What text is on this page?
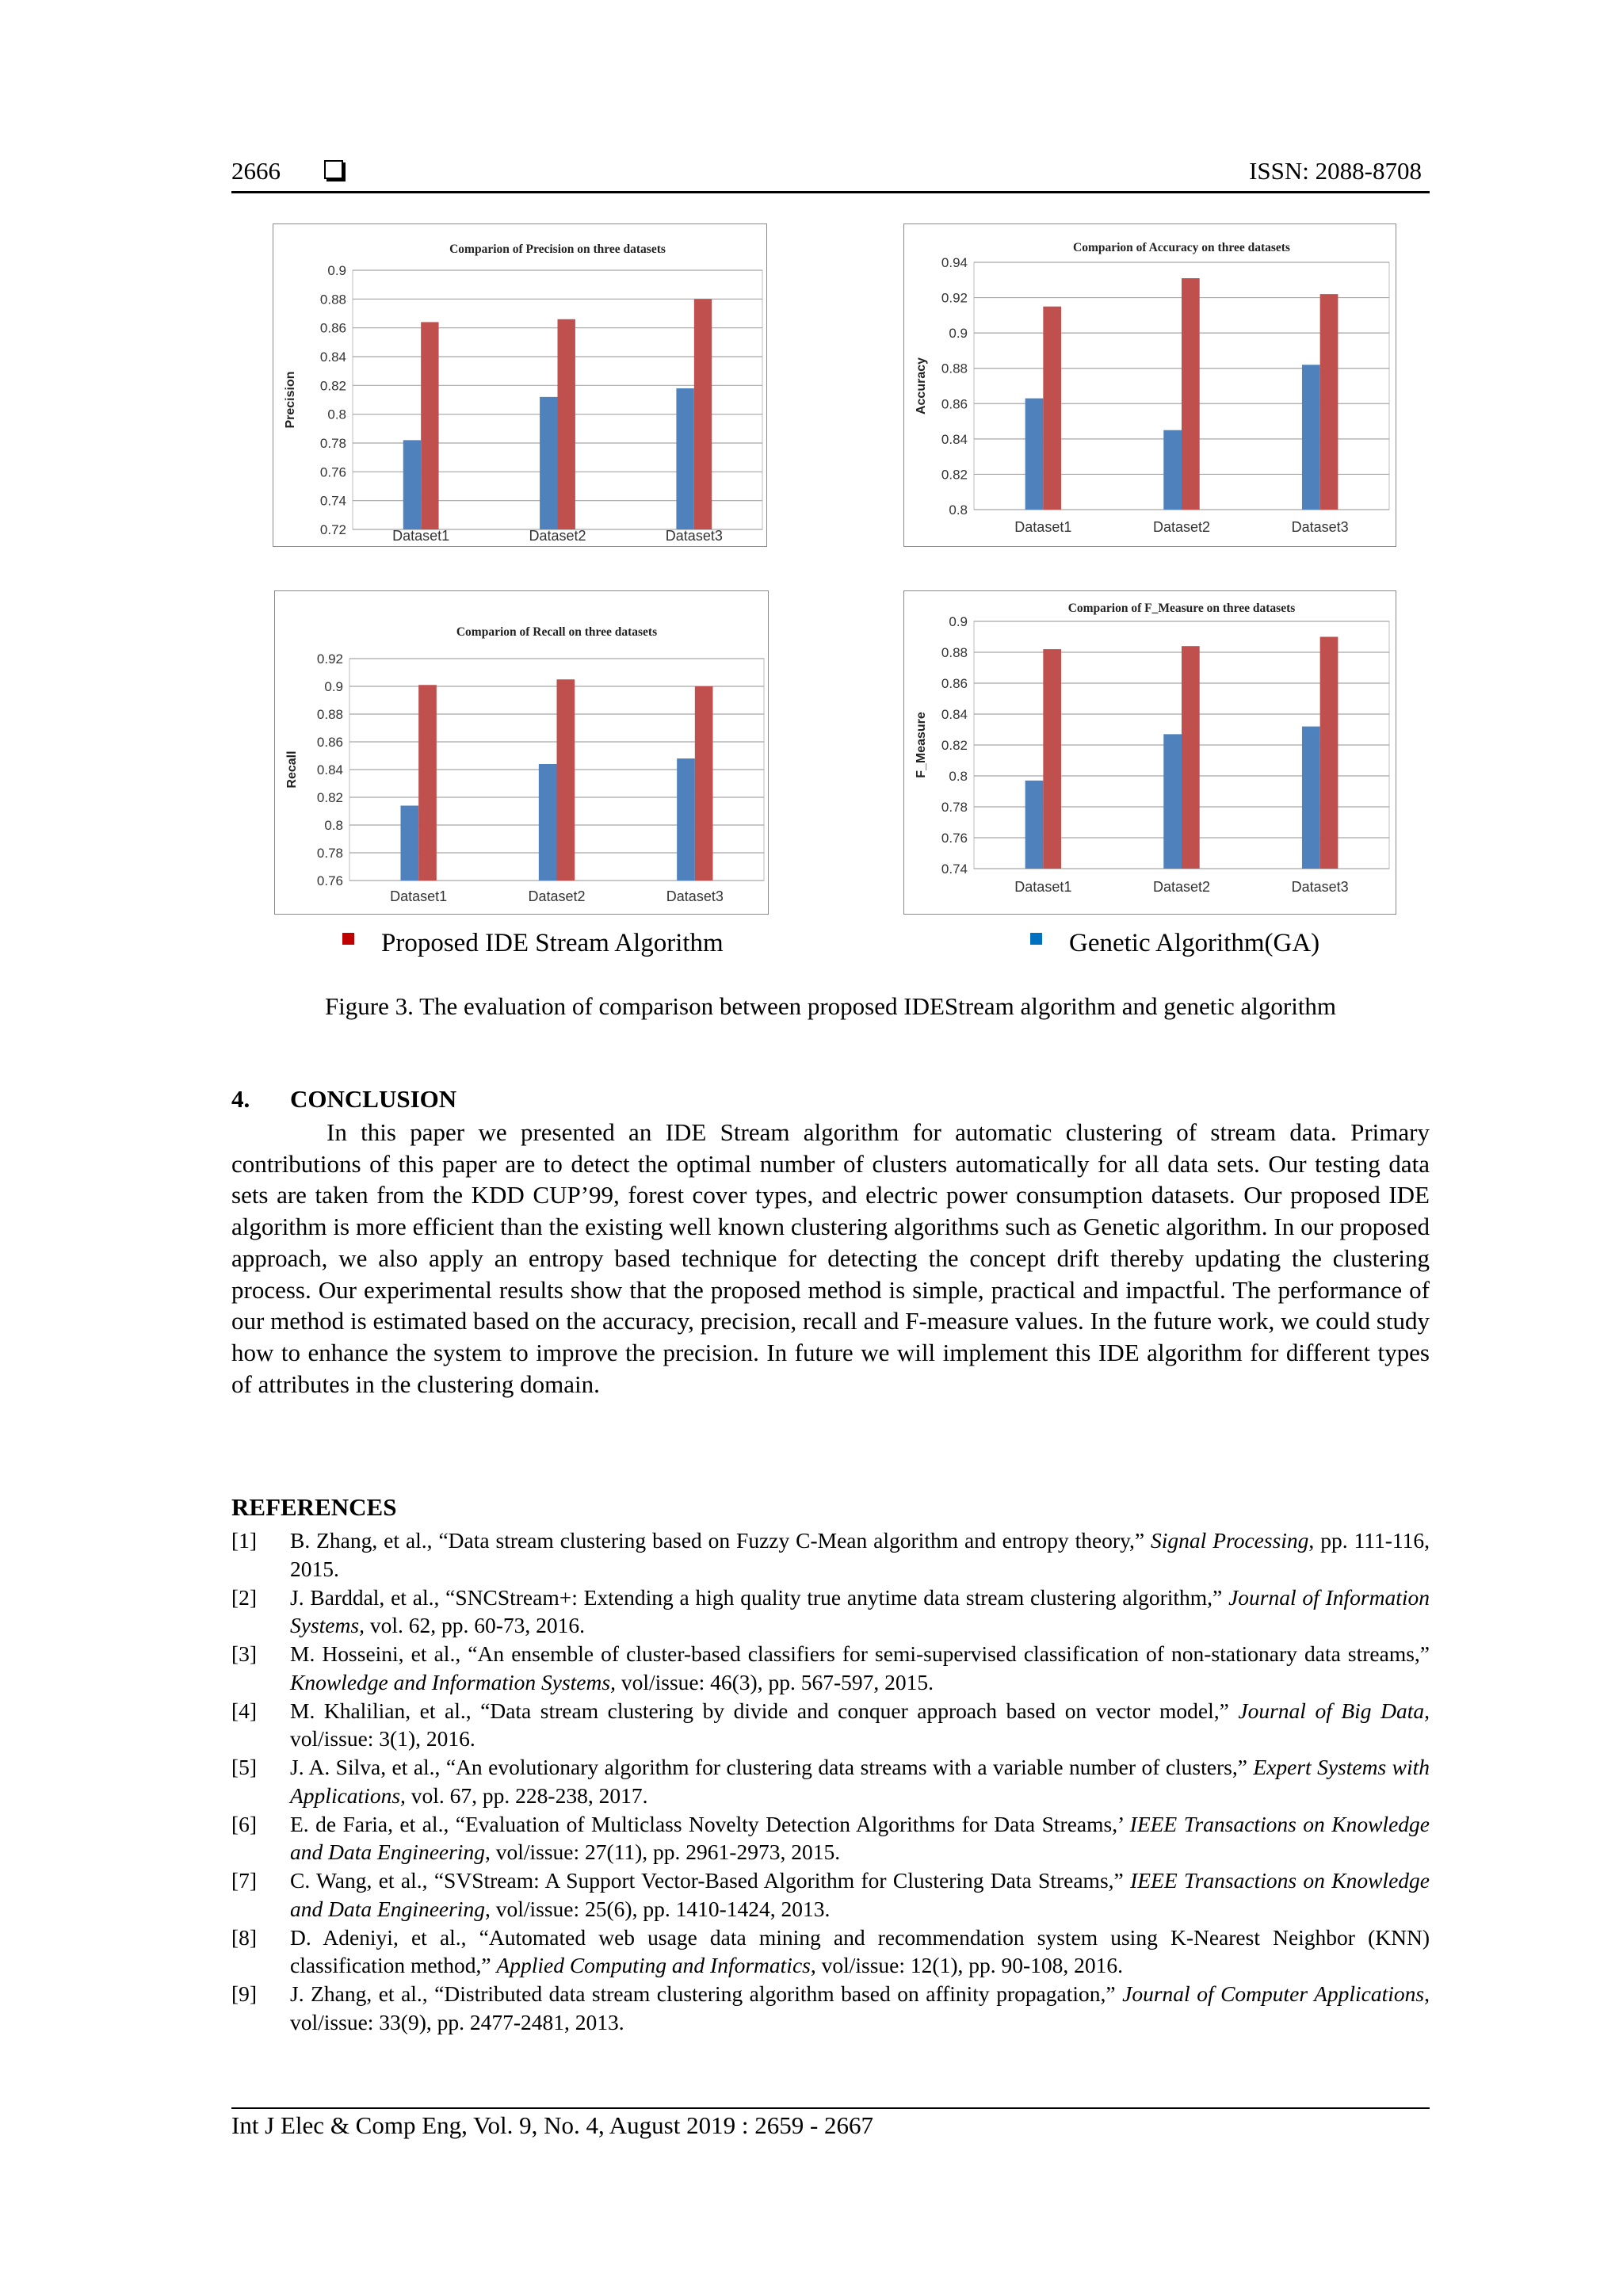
2666	ISSN: 2088-8708
0.72
0.74
0.76
0.78
0.8
0.82
0.84
0.86
0.88
0.9
Comparion of Precision on three datasets
Precision
Dataset1	Dataset2	Dataset3
0.8
0.82
0.84
0.86
0.88
0.9
0.92
0.94
Comparion of Accuracy on three datasets
Accuracy
Dataset1	Dataset2	Dataset3
0.76
0.78
0.8
0.82
0.84
0.86
0.88
0.9
0.92
Comparion of Recall on three datasets
Recall
Dataset1	Dataset2	Dataset3
0.74
0.76
0.78
0.8
0.82
0.84
0.86
0.88
0.9
Comparion of F_Measure on three datasets
F_Measure
Dataset1	Dataset2	Dataset3
Proposed IDE Stream Algorithm	Genetic Algorithm(GA)
Figure 3. The evaluation of comparison between proposed IDEStream algorithm and genetic algorithm
4. CONCLUSION

In this paper we presented an IDE Stream algorithm for automatic clustering of stream data. Primary contributions of this paper are to detect the optimal number of clusters automatically for all data sets. Our testing data sets are taken from the KDD CUP’99, forest cover types, and electric power consumption datasets. Our proposed IDE algorithm is more efficient than the existing well known clustering algorithms such as Genetic algorithm. In our proposed approach, we also apply an entropy based technique for detecting the concept drift thereby updating the clustering process. Our experimental results show that the proposed method is simple, practical and impactful. The performance of our method is estimated based on the accuracy, precision, recall and F-measure values. In the future work, we could study how to enhance the system to improve the precision. In future we will implement this IDE algorithm for different types of attributes in the clustering domain.

REFERENCES
[1]	B. Zhang, et al., “Data stream clustering based on Fuzzy C-Mean algorithm and entropy theory,” Signal Processing, pp. 111-116, 2015.
[2]	J. Barddal, et al., “SNCStream+: Extending a high quality true anytime data stream clustering algorithm,” Journal of Information Systems, vol. 62, pp. 60-73, 2016.
[3]	M. Hosseini, et al., “An ensemble of cluster-based classifiers for semi-supervised classification of non-stationary data streams,” Knowledge and Information Systems, vol/issue: 46(3), pp. 567-597, 2015.
[4]	M. Khalilian, et al., “Data stream clustering by divide and conquer approach based on vector model,” Journal of Big Data, vol/issue: 3(1), 2016.
[5]	J. A. Silva, et al., “An evolutionary algorithm for clustering data streams with a variable number of clusters,” Expert Systems with Applications, vol. 67, pp. 228-238, 2017.
[6]	E. de Faria, et al., “Evaluation of Multiclass Novelty Detection Algorithms for Data Streams,’ IEEE Transactions on Knowledge and Data Engineering, vol/issue: 27(11), pp. 2961-2973, 2015.
[7]	C. Wang, et al., “SVStream: A Support Vector-Based Algorithm for Clustering Data Streams,” IEEE Transactions on Knowledge and Data Engineering, vol/issue: 25(6), pp. 1410-1424, 2013.
[8]	D. Adeniyi, et al., “Automated web usage data mining and recommendation system using K-Nearest Neighbor (KNN) classification method,” Applied Computing and Informatics, vol/issue: 12(1), pp. 90-108, 2016.
[9]	J. Zhang, et al., “Distributed data stream clustering algorithm based on affinity propagation,” Journal of Computer Applications, vol/issue: 33(9), pp. 2477-2481, 2013.
Int J Elec & Comp Eng, Vol. 9, No. 4, August 2019 : 2659 - 2667
